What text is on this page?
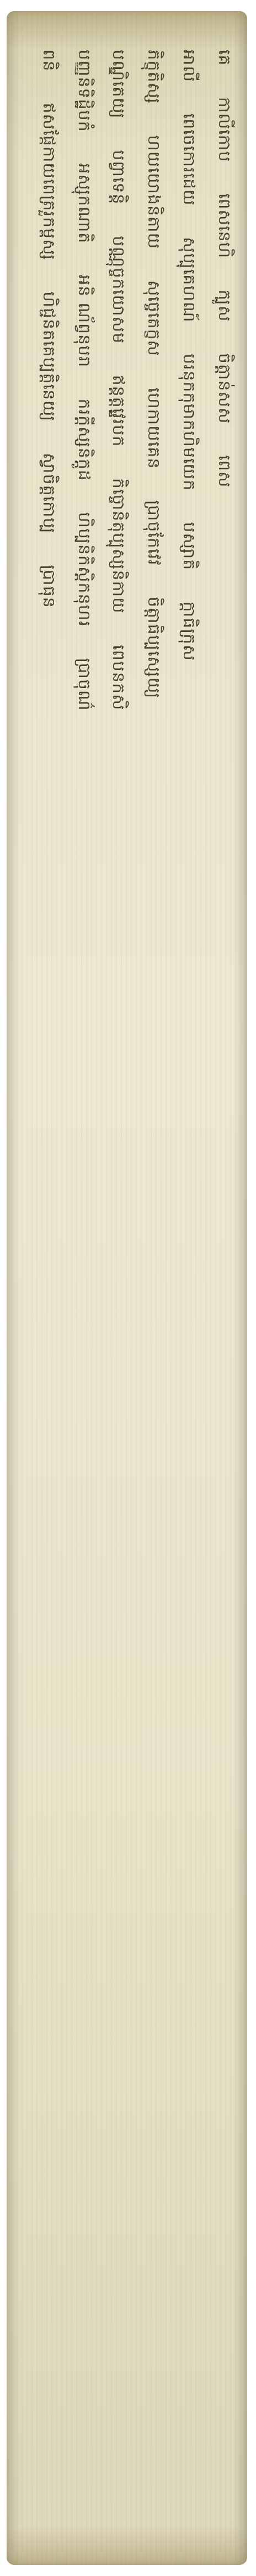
ពនិ ឥសផ្កែកាយពេត្ររួកម្ពស្ស ហិជ្ជនិតគេប្បត្តិនេយ្យ ស្វ្វាចិត្តកោប្ប ប្រាធុន
បញ្ញនិទិដ្ឋិបកំ អស្សុកណាតិ អនិ ណ័ព្វនុបរា ករក្តីស្សនិក្ដូដ ហិប្បនិកិស្តិកនុហរ ប្រាចុណ៌
បណ្ឌិតេយ្យ បព្វាទេន្តិ បណ្ណុច្ចកយោសម ឥន្តត្តវ្ព្ញេរបក កិច្ចោនិតុប្បុស្សនិកាយ ពេបនកសិ
ភិក្ខុតិស្ស ហយយោងនិតាយ សុច្ចេតេក្ខស ហេកាយគេន ប្រាចុកែវេវ ចិត្តាធិប្បស្សេយ្យ
អាលី ពេចេកោរដេយ សុប្បុគេហណ៍ បរនុកកុមាកហិមយេក បស្សាតិ ក្តាធិក្រុស
គេ កាលីកោប ពេសនេហិ ក្បូស ចិត្តាន់សស ពេស
